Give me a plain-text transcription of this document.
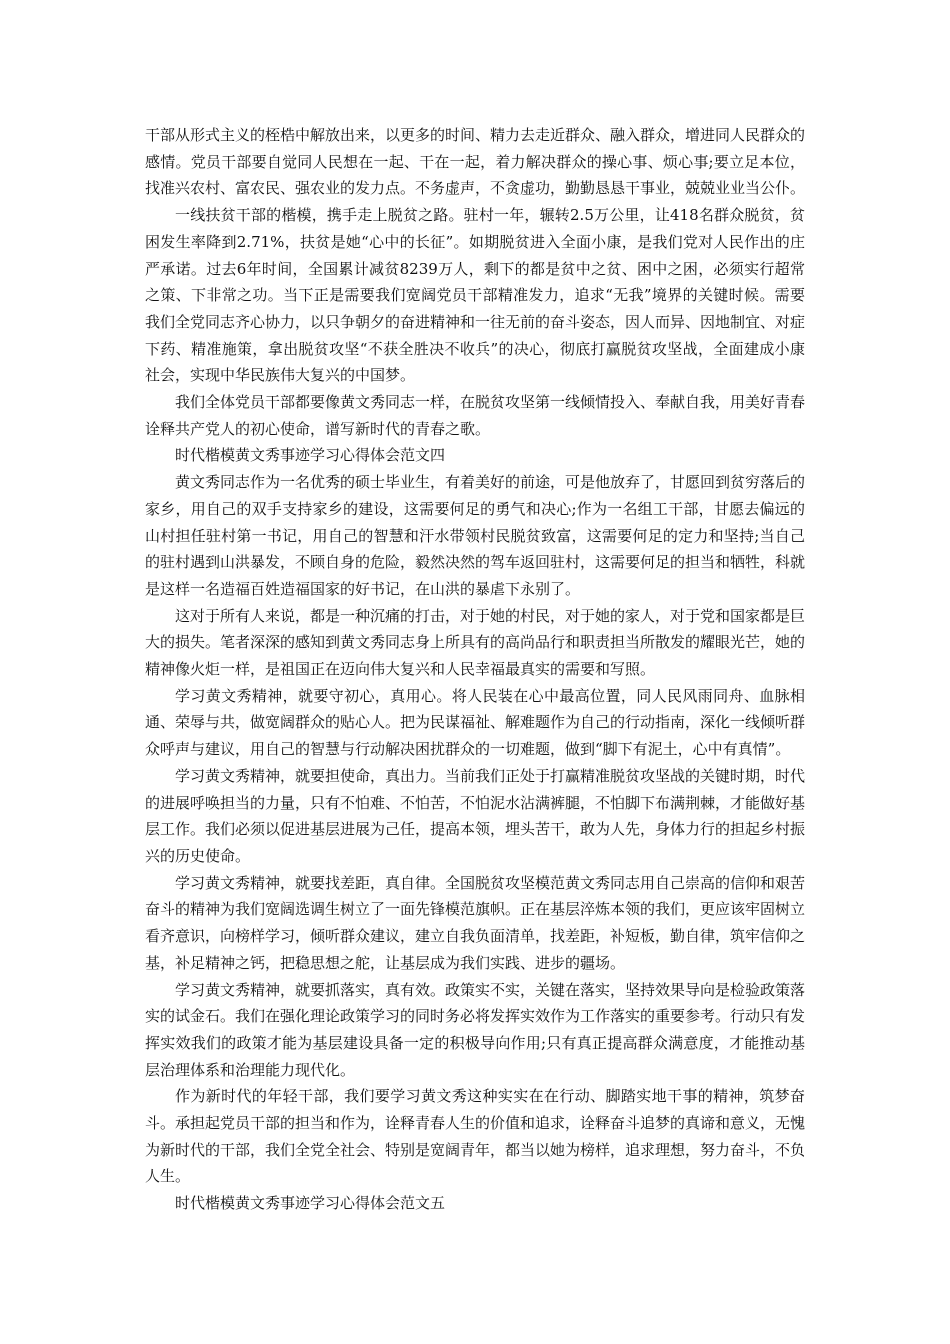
干部从形式主义的桎梏中解放出来，以更多的时间、精力去走近群众、融入群众，增进同人民群众的感情。党员干部要自觉同人民想在一起、干在一起，着力解决群众的操心事、烦心事;要立足本位，找准兴农村、富农民、强农业的发力点。不务虚声，不贪虚功，勤勤恳恳干事业，兢兢业业当公仆。

一线扶贫干部的楷模，携手走上脱贫之路。驻村一年，辗转2.5万公里，让418名群众脱贫，贫困发生率降到2.71%，扶贫是她“心中的长征”。如期脱贫进入全面小康，是我们党对人民作出的庄严承诺。过去6年时间，全国累计减贫8239万人，剩下的都是贫中之贫、困中之困，必须实行超常之策、下非常之功。当下正是需要我们宽阔党员干部精准发力，追求“无我”境界的关键时候。需要我们全党同志齐心协力，以只争朝夕的奋进精神和一往无前的奋斗姿态，因人而异、因地制宜、对症下药、精准施策，拿出脱贫攻坚“不获全胜决不收兵”的决心，彻底打赢脱贫攻坚战，全面建成小康社会，实现中华民族伟大复兴的中国梦。

我们全体党员干部都要像黄文秀同志一样，在脱贫攻坚第一线倾情投入、奉献自我，用美好青春诠释共产党人的初心使命，谱写新时代的青春之歌。

时代楷模黄文秀事迹学习心得体会范文四

黄文秀同志作为一名优秀的硕士毕业生，有着美好的前途，可是他放弃了，甘愿回到贫穷落后的家乡，用自己的双手支持家乡的建设，这需要何足的勇气和决心;作为一名组工干部，甘愿去偏远的山村担任驻村第一书记，用自己的智慧和汗水带领村民脱贫致富，这需要何足的定力和坚持;当自己的驻村遇到山洪暴发，不顾自身的危险，毅然决然的驾车返回驻村，这需要何足的担当和牺牲，科就是这样一名造福百姓造福国家的好书记，在山洪的暴虐下永别了。

这对于所有人来说，都是一种沉痛的打击，对于她的村民，对于她的家人，对于党和国家都是巨大的损失。笔者深深的感知到黄文秀同志身上所具有的高尚品行和职责担当所散发的耀眼光芒，她的精神像火炬一样，是祖国正在迈向伟大复兴和人民幸福最真实的需要和写照。

学习黄文秀精神，就要守初心，真用心。将人民装在心中最高位置，同人民风雨同舟、血脉相通、荣辱与共，做宽阔群众的贴心人。把为民谋福祉、解难题作为自己的行动指南，深化一线倾听群众呼声与建议，用自己的智慧与行动解决困扰群众的一切难题，做到“脚下有泥土，心中有真情”。

学习黄文秀精神，就要担使命，真出力。当前我们正处于打赢精准脱贫攻坚战的关键时期，时代的进展呼唤担当的力量，只有不怕难、不怕苦，不怕泥水沾满裤腿，不怕脚下布满荆棘，才能做好基层工作。我们必须以促进基层进展为己任，提高本领，埋头苦干，敢为人先，身体力行的担起乡村振兴的历史使命。

学习黄文秀精神，就要找差距，真自律。全国脱贫攻坚模范黄文秀同志用自己崇高的信仰和艰苦奋斗的精神为我们宽阔选调生树立了一面先锋模范旗帜。正在基层淬炼本领的我们，更应该牢固树立看齐意识，向榜样学习，倾听群众建议，建立自我负面清单，找差距，补短板，勤自律，筑牢信仰之基，补足精神之钙，把稳思想之舵，让基层成为我们实践、进步的疆场。

学习黄文秀精神，就要抓落实，真有效。政策实不实，关键在落实，坚持效果导向是检验政策落实的试金石。我们在强化理论政策学习的同时务必将发挥实效作为工作落实的重要参考。行动只有发挥实效我们的政策才能为基层建设具备一定的积极导向作用;只有真正提高群众满意度，才能推动基层治理体系和治理能力现代化。

作为新时代的年轻干部，我们要学习黄文秀这种实实在在行动、脚踏实地干事的精神，筑梦奋斗。承担起党员干部的担当和作为，诠释青春人生的价值和追求，诠释奋斗追梦的真谛和意义，无愧为新时代的干部，我们全党全社会、特别是宽阔青年，都当以她为榜样，追求理想，努力奋斗，不负人生。

时代楷模黄文秀事迹学习心得体会范文五
